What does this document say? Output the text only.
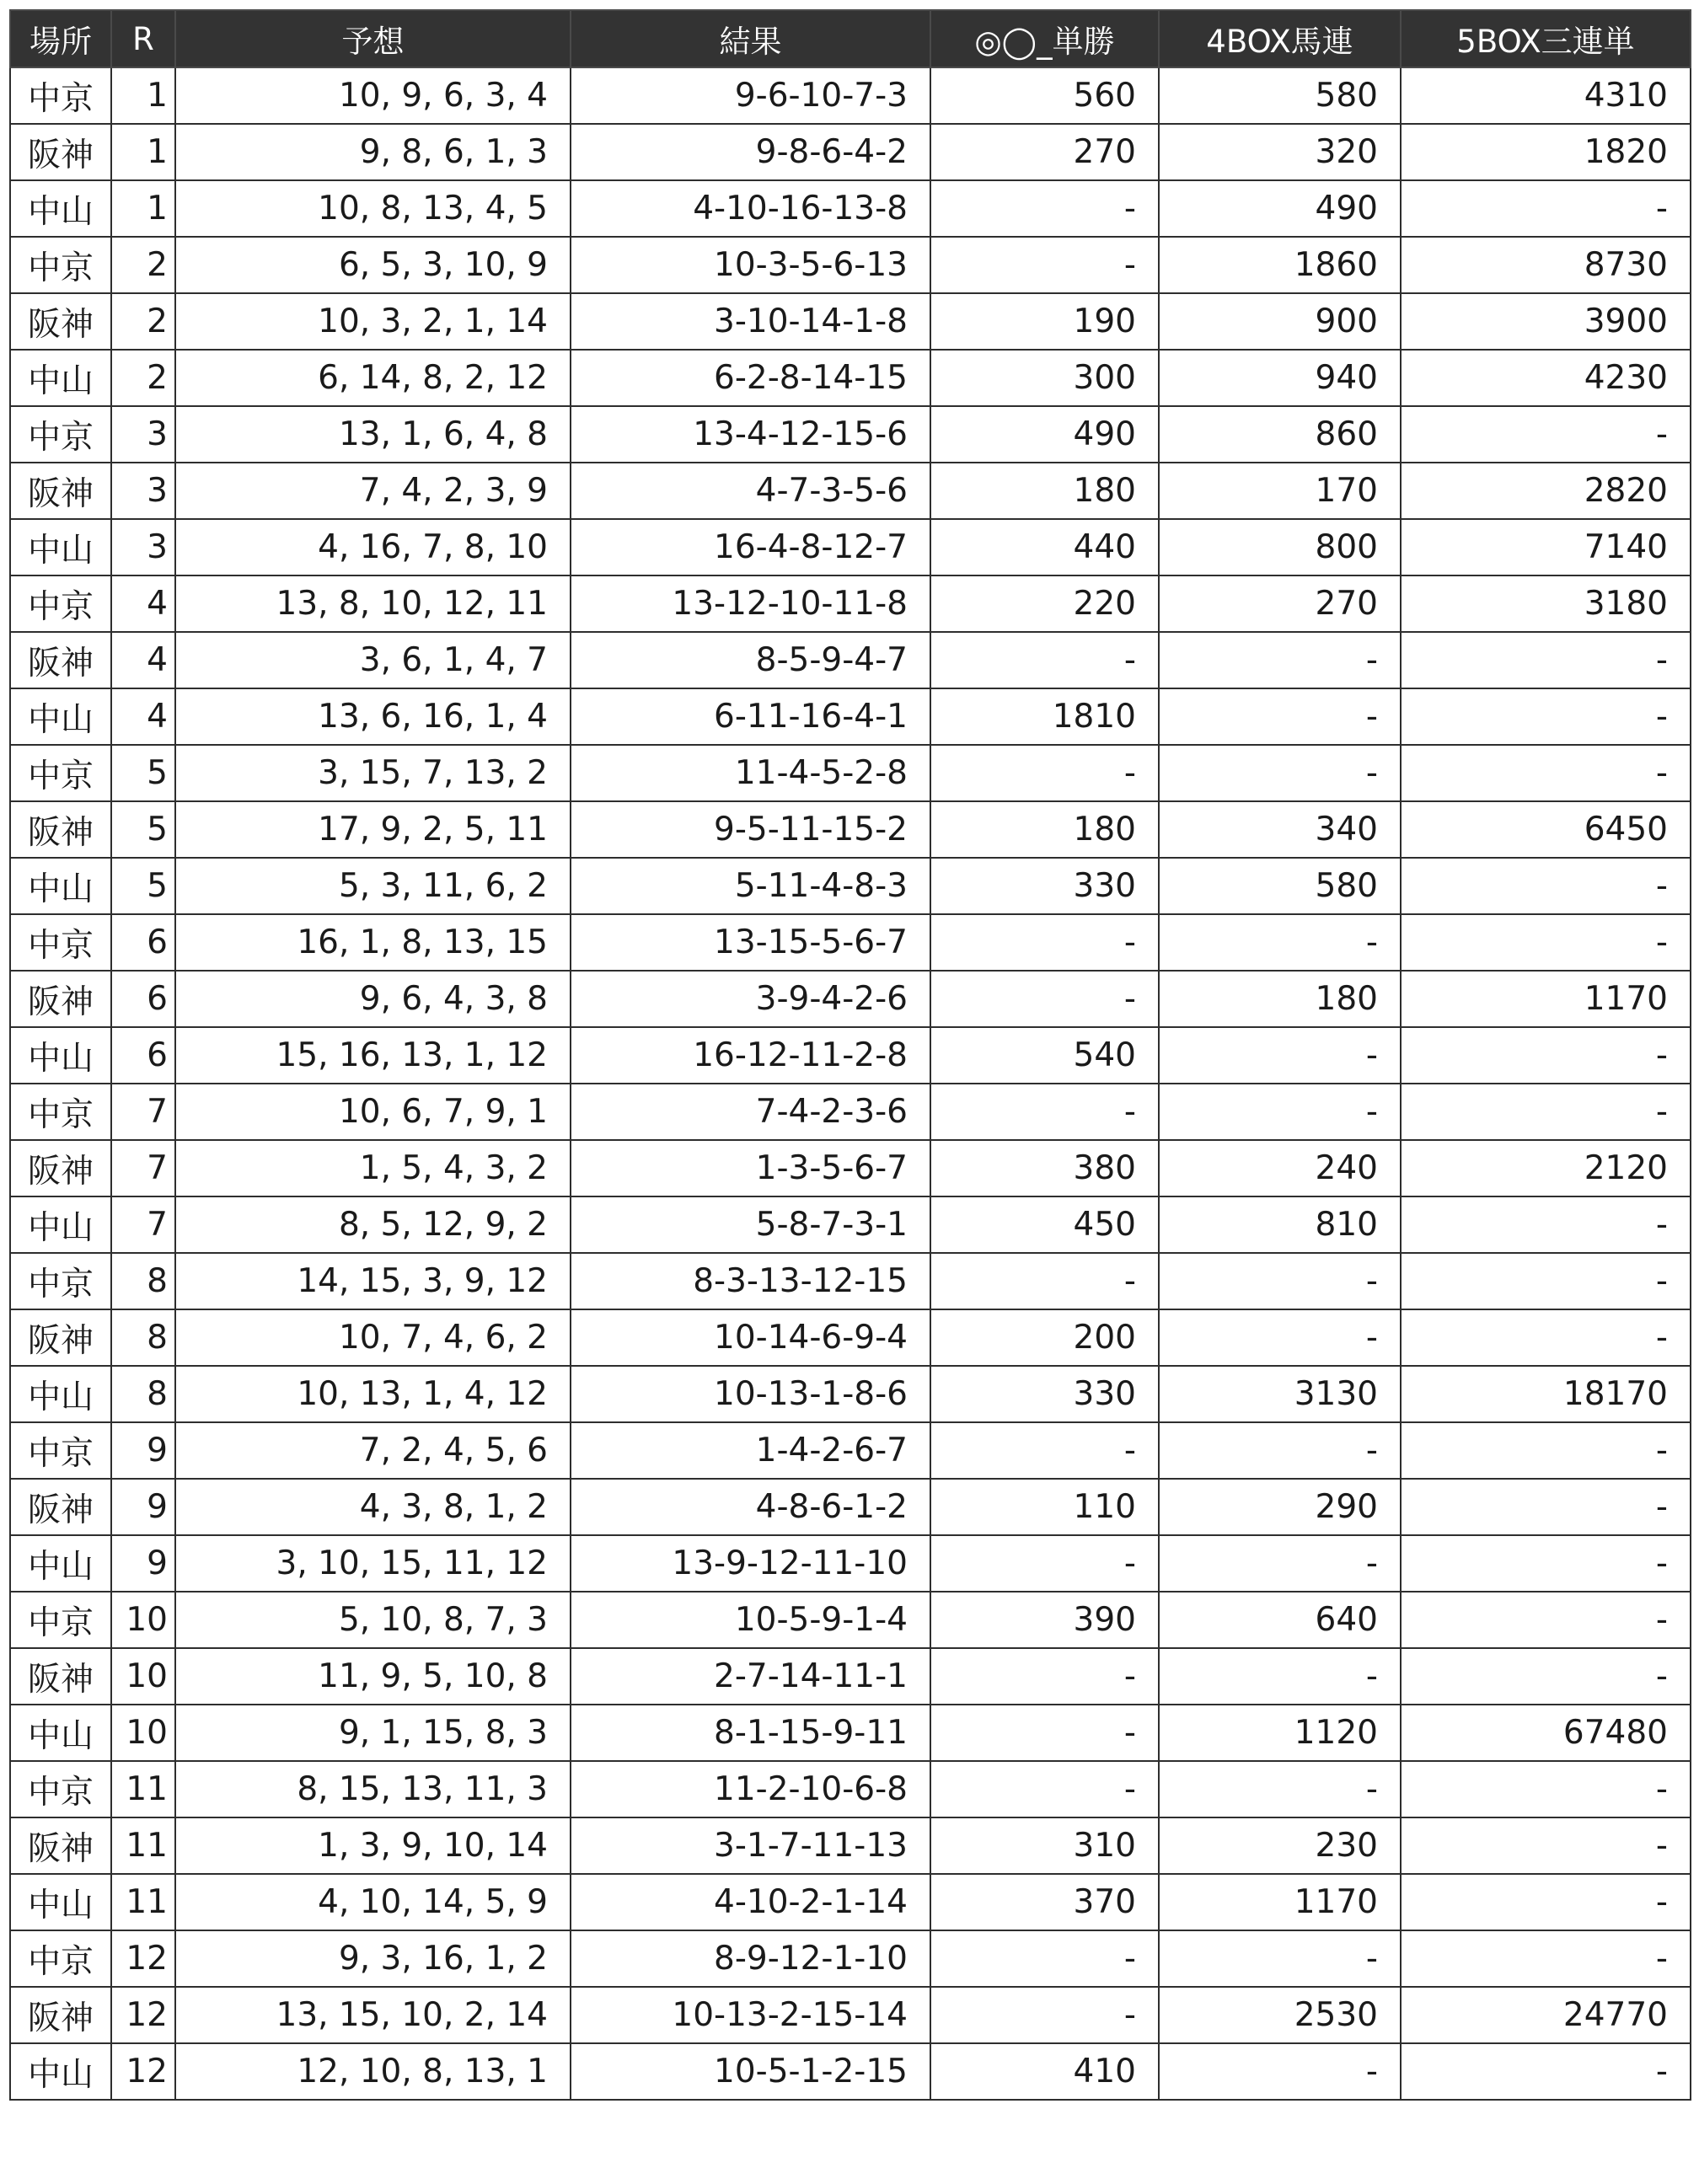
場所	R	予想	結果	◎◯_単勝	4BOX馬連	5BOX三連単
中京	1	10, 9, 6, 3, 4	9-6-10-7-3	560	580	4310
阪神	1	9, 8, 6, 1, 3	9-8-6-4-2	270	320	1820
中山	1	10, 8, 13, 4, 5	4-10-16-13-8	-	490	-
中京	2	6, 5, 3, 10, 9	10-3-5-6-13	-	1860	8730
阪神	2	10, 3, 2, 1, 14	3-10-14-1-8	190	900	3900
中山	2	6, 14, 8, 2, 12	6-2-8-14-15	300	940	4230
中京	3	13, 1, 6, 4, 8	13-4-12-15-6	490	860	-
阪神	3	7, 4, 2, 3, 9	4-7-3-5-6	180	170	2820
中山	3	4, 16, 7, 8, 10	16-4-8-12-7	440	800	7140
中京	4	13, 8, 10, 12, 11	13-12-10-11-8	220	270	3180
阪神	4	3, 6, 1, 4, 7	8-5-9-4-7	-	-	-
中山	4	13, 6, 16, 1, 4	6-11-16-4-1	1810	-	-
中京	5	3, 15, 7, 13, 2	11-4-5-2-8	-	-	-
阪神	5	17, 9, 2, 5, 11	9-5-11-15-2	180	340	6450
中山	5	5, 3, 11, 6, 2	5-11-4-8-3	330	580	-
中京	6	16, 1, 8, 13, 15	13-15-5-6-7	-	-	-
阪神	6	9, 6, 4, 3, 8	3-9-4-2-6	-	180	1170
中山	6	15, 16, 13, 1, 12	16-12-11-2-8	540	-	-
中京	7	10, 6, 7, 9, 1	7-4-2-3-6	-	-	-
阪神	7	1, 5, 4, 3, 2	1-3-5-6-7	380	240	2120
中山	7	8, 5, 12, 9, 2	5-8-7-3-1	450	810	-
中京	8	14, 15, 3, 9, 12	8-3-13-12-15	-	-	-
阪神	8	10, 7, 4, 6, 2	10-14-6-9-4	200	-	-
中山	8	10, 13, 1, 4, 12	10-13-1-8-6	330	3130	18170
中京	9	7, 2, 4, 5, 6	1-4-2-6-7	-	-	-
阪神	9	4, 3, 8, 1, 2	4-8-6-1-2	110	290	-
中山	9	3, 10, 15, 11, 12	13-9-12-11-10	-	-	-
中京	10	5, 10, 8, 7, 3	10-5-9-1-4	390	640	-
阪神	10	11, 9, 5, 10, 8	2-7-14-11-1	-	-	-
中山	10	9, 1, 15, 8, 3	8-1-15-9-11	-	1120	67480
中京	11	8, 15, 13, 11, 3	11-2-10-6-8	-	-	-
阪神	11	1, 3, 9, 10, 14	3-1-7-11-13	310	230	-
中山	11	4, 10, 14, 5, 9	4-10-2-1-14	370	1170	-
中京	12	9, 3, 16, 1, 2	8-9-12-1-10	-	-	-
阪神	12	13, 15, 10, 2, 14	10-13-2-15-14	-	2530	24770
中山	12	12, 10, 8, 13, 1	10-5-1-2-15	410	-	-
